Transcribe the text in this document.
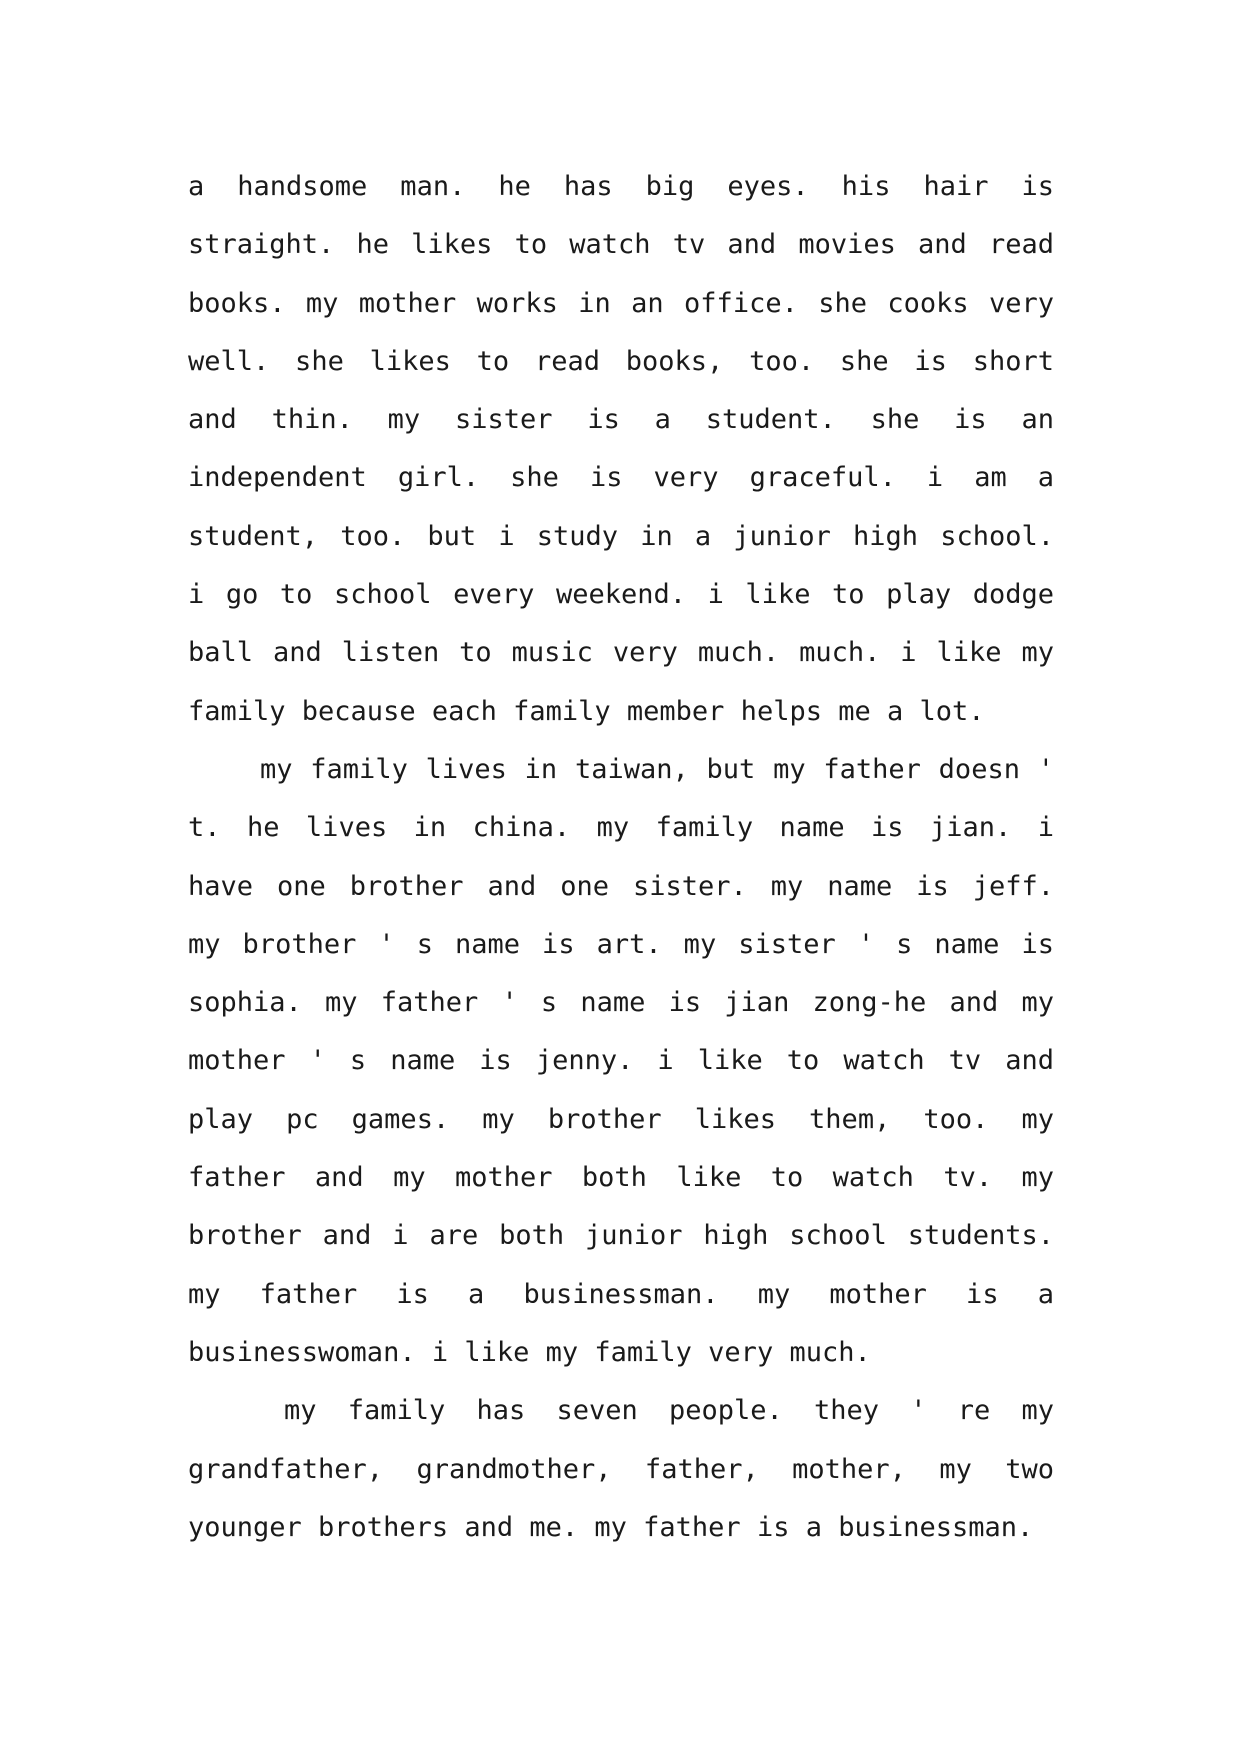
a handsome man. he has big eyes. his hair is
straight. he likes to watch tv and movies and read
books. my mother works in an office. she cooks very
well. she likes to read books, too. she is short
and thin. my sister is a student. she is an
independent girl. she is very graceful. i am a
student, too. but i study in a junior high school.
i go to school every weekend. i like to play dodge
ball and listen to music very much. much. i like my
family because each family member helps me a lot.
my family lives in taiwan, but my father doesn '
t. he lives in china. my family name is jian. i
have one brother and one sister. my name is jeff.
my brother ' s name is art. my sister ' s name is
sophia. my father ' s name is jian zong-he and my
mother ' s name is jenny. i like to watch tv and
play pc games. my brother likes them, too. my
father and my mother both like to watch tv. my
brother and i are both junior high school students.
my father is a businessman. my mother is a
businesswoman. i like my family very much.
my family has seven people. they ' re my
grandfather, grandmother, father, mother, my two
younger brothers and me. my father is a businessman.
